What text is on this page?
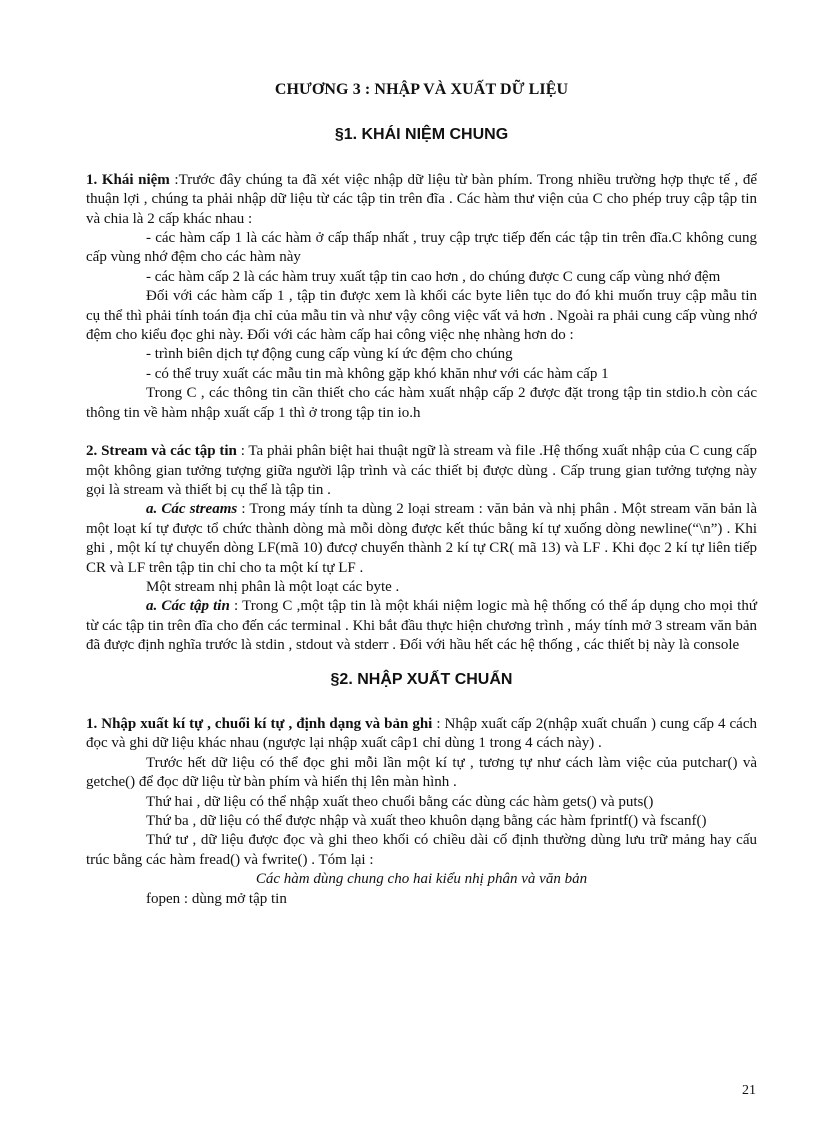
CHƯƠNG 3 : NHẬP VÀ XUẤT DỮ LIỆU
§1. KHÁI NIỆM CHUNG

1. Khái niệm :Trước đây chúng ta đã xét việc nhập dữ liệu từ bàn phím. Trong nhiều trường hợp thực tế , để thuận lợi , chúng ta phải nhập dữ liệu từ các tập tin trên đĩa . Các hàm thư viện của C cho phép truy cập tập tin và chia là 2 cấp khác nhau :

- các hàm cấp 1 là các hàm ở cấp thấp nhất , truy cập trực tiếp đến các tập tin trên đĩa.C không cung cấp vùng nhớ đệm cho các hàm này

- các hàm cấp 2 là các hàm truy xuất tập tin cao hơn , do chúng được C cung cấp vùng nhớ đệm

Đối với các hàm cấp 1 , tập tin được xem là khối các byte liên tục do đó khi muốn truy cập mẫu tin cụ thể thì phải tính toán địa chỉ của mẫu tin và như vậy công việc vất vả hơn . Ngoài ra phải cung cấp vùng nhớ đệm cho kiểu đọc ghi này. Đối với các hàm cấp hai công việc nhẹ nhàng hơn do :

- trình biên dịch tự động cung cấp vùng kí ức đệm cho chúng

- có thể truy xuất các mẫu tin mà không gặp khó khăn như với các hàm cấp 1

Trong C , các thông tin cần thiết cho các hàm xuất nhập cấp 2 được đặt trong tập tin stdio.h còn các thông tin về hàm nhập xuất cấp 1 thì ở trong tập tin io.h

2. Stream và các tập tin : Ta phải phân biệt hai thuật ngữ là stream và file .Hệ thống xuất nhập của C cung cấp một không gian tưởng tượng giữa người lập trình và các thiết bị được dùng . Cấp trung gian tưởng tượng này gọi là stream và thiết bị cụ thể là tập tin .

a. Các streams : Trong máy tính ta dùng 2 loại stream : văn bản và nhị phân . Một stream văn bản là một loạt kí tự được tổ chức thành dòng mà mỗi dòng được kết thúc bằng kí tự xuống dòng newline(“\n”) . Khi ghi , một kí tự chuyển dòng LF(mã 10) đưcợ chuyển thành 2 kí tự CR( mã 13) và LF . Khi đọc 2 kí tự liên tiếp CR và LF trên tập tin chỉ cho ta một kí tự LF .

Một stream nhị phân là một loạt các byte .

a. Các tập tin : Trong C ,một tập tin là một khái niệm logic mà hệ thống có thể áp dụng cho mọi thứ từ các tập tin trên đĩa cho đến các terminal . Khi bắt đầu thực hiện chương trình , máy tính mở 3 stream văn bản đã được định nghĩa trước là stdin , stdout và stderr . Đối với hầu hết các hệ thống , các thiết bị này là console

§2. NHẬP XUẤT CHUẨN

1. Nhập xuất kí tự , chuổi kí tự , định dạng và bản ghi : Nhập xuất cấp 2(nhập xuất chuẩn ) cung cấp 4 cách đọc và ghi dữ liệu khác nhau (ngược lại nhập xuất câp1 chỉ dùng 1 trong 4 cách này) .

Trước hết dữ liệu có thể đọc ghi mỗi lần một kí tự , tương tự như cách làm việc của putchar() và getche() để đọc dữ liệu từ bàn phím và hiển thị lên màn hình .

Thứ hai , dữ liệu có thể nhập xuất theo chuổi bằng các dùng các hàm gets() và puts()

Thứ ba , dữ liệu có thể được nhập và xuất theo khuôn dạng bằng các hàm fprintf() và fscanf()

Thứ tư , dữ liệu được đọc và ghi theo khối có chiều dài cố định thường dùng lưu trữ mảng hay cấu trúc bằng các hàm fread() và fwrite() . Tóm lại :

Các hàm dùng chung cho hai kiểu nhị phân và văn bản

fopen : dùng mở tập tin

21
